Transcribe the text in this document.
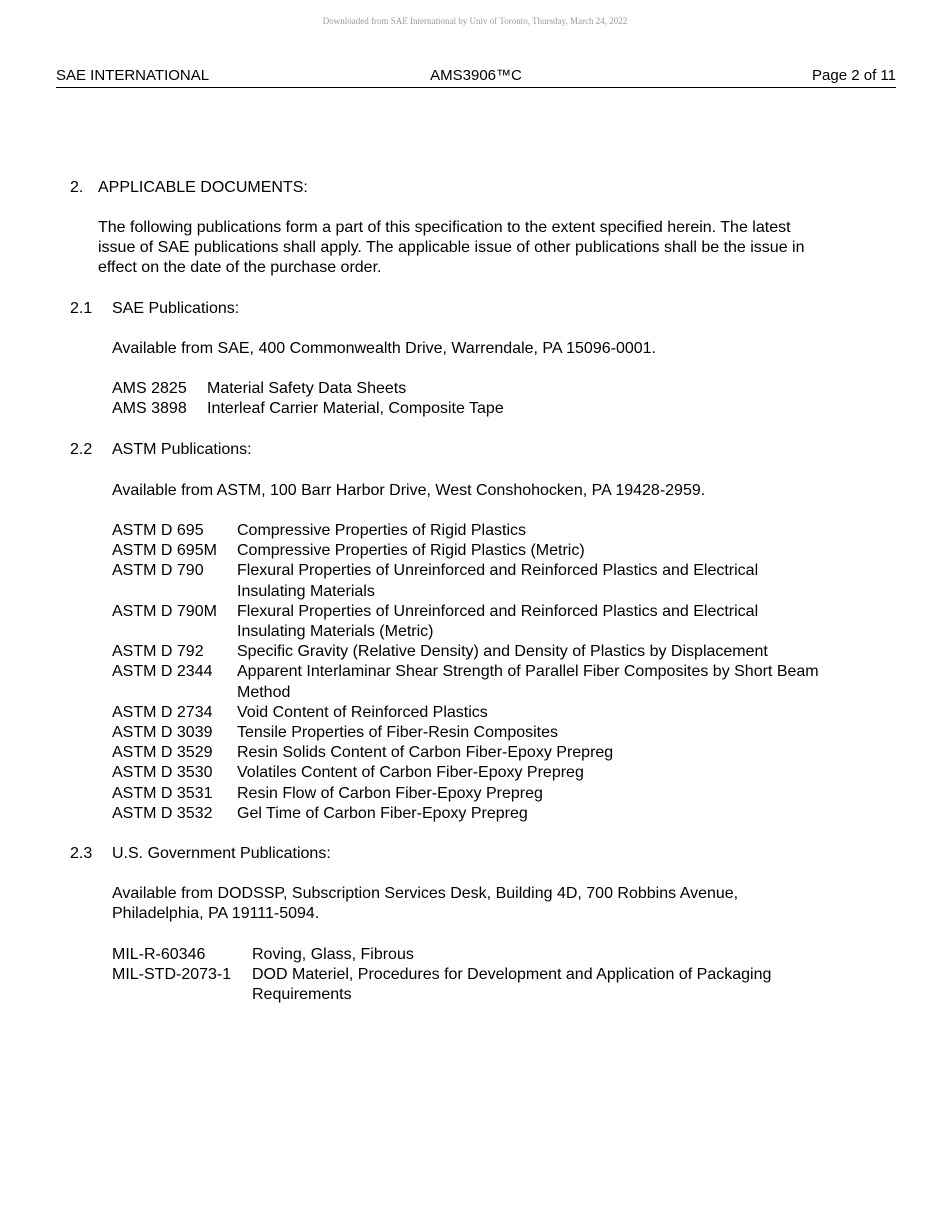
Downloaded from SAE International by Univ of Toronto, Thursday, March 24, 2022
AMS3906™C
SAE INTERNATIONAL	Page 2 of 11
2. APPLICABLE DOCUMENTS:
The following publications form a part of this specification to the extent specified herein. The latest
issue of SAE publications shall apply. The applicable issue of other publications shall be the issue in
effect on the date of the purchase order.
2.1 SAE Publications:
Available from SAE, 400 Commonwealth Drive, Warrendale, PA 15096-0001.
AMS 2825	Material Safety Data Sheets
AMS 3898	Interleaf Carrier Material, Composite Tape
2.2 ASTM Publications:
Available from ASTM, 100 Barr Harbor Drive, West Conshohocken, PA 19428-2959.
ASTM D 695	Compressive Properties of Rigid Plastics
ASTM D 695M	Compressive Properties of Rigid Plastics (Metric)
ASTM D 790	Flexural Properties of Unreinforced and Reinforced Plastics and Electrical
Insulating Materials

ASTM D 790M	Flexural Properties of Unreinforced and Reinforced Plastics and Electrical
Insulating Materials (Metric)

ASTM D 792	Specific Gravity (Relative Density) and Density of Plastics by Displacement
ASTM D 2344	Apparent Interlaminar Shear Strength of Parallel Fiber Composites by Short Beam
Method

ASTM D 2734	Void Content of Reinforced Plastics
ASTM D 3039	Tensile Properties of Fiber-Resin Composites
ASTM D 3529	Resin Solids Content of Carbon Fiber-Epoxy Prepreg
ASTM D 3530	Volatiles Content of Carbon Fiber-Epoxy Prepreg
ASTM D 3531	Resin Flow of Carbon Fiber-Epoxy Prepreg
ASTM D 3532	Gel Time of Carbon Fiber-Epoxy Prepreg
2.3 U.S. Government Publications:
Available from DODSSP, Subscription Services Desk, Building 4D, 700 Robbins Avenue,
Philadelphia, PA 19111-5094.
MIL-R-60346	Roving, Glass, Fibrous
MIL-STD-2073-1	DOD Materiel, Procedures for Development and Application of Packaging
Requirements
